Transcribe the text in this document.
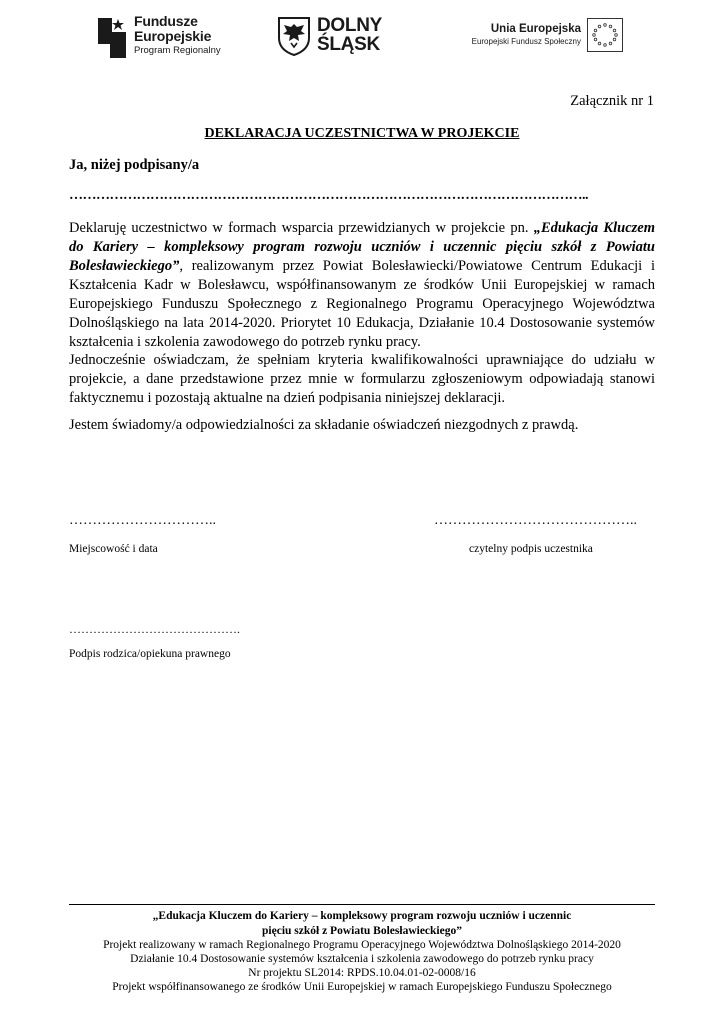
Fundusze
Europejskie
Program Regionalny
DOLNY
ŚLĄSK
Unia Europejska
Europejski Fundusz Społeczny
Załącznik nr 1
DEKLARACJA UCZESTNICTWA W PROJEKCIE
Ja, niżej podpisany/a
……………………………………………………………………………………………………..
Deklaruję uczestnictwo w formach wsparcia przewidzianych w projekcie pn. „Edukacja Kluczem do Kariery – kompleksowy program rozwoju uczniów i uczennic pięciu szkół z Powiatu Bolesławieckiego”, realizowanym przez Powiat Bolesławiecki/Powiatowe Centrum Edukacji i Kształcenia Kadr w Bolesławcu, współfinansowanym ze środków Unii Europejskiej w ramach Europejskiego Funduszu Społecznego z Regionalnego Programu Operacyjnego Województwa Dolnośląskiego na lata 2014-2020. Priorytet 10 Edukacja, Działanie 10.4 Dostosowanie systemów kształcenia i szkolenia zawodowego do potrzeb rynku pracy.
Jednocześnie oświadczam, że spełniam kryteria kwalifikowalności uprawniające do udziału w projekcie, a dane przedstawione przez mnie w formularzu zgłoszeniowym odpowiadają stanowi faktycznemu i pozostają aktualne na dzień podpisania niniejszej deklaracji.
Jestem świadomy/a odpowiedzialności za składanie oświadczeń niezgodnych z prawdą.
…………………………..	……………………………………..
Miejscowość i data	czytelny podpis uczestnika
…………………………………….
Podpis rodzica/opiekuna prawnego
„Edukacja Kluczem do Kariery – kompleksowy program rozwoju uczniów i uczennic
pięciu szkół z Powiatu Bolesławieckiego”
Projekt realizowany w ramach Regionalnego Programu Operacyjnego Województwa Dolnośląskiego 2014-2020
Działanie 10.4 Dostosowanie systemów kształcenia i szkolenia zawodowego do potrzeb rynku pracy
Nr projektu SL2014: RPDS.10.04.01-02-0008/16
Projekt współfinansowanego ze środków Unii Europejskiej w ramach Europejskiego Funduszu Społecznego
